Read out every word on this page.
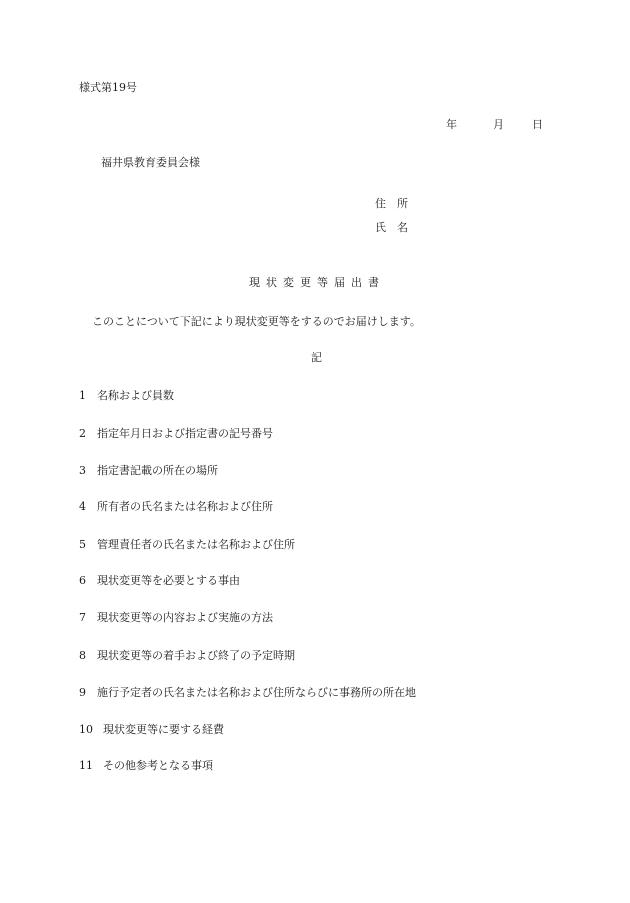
様式第19号
年	月	日
福井県教育委員会様
住　所
氏　名
現状変更等届出書
このことについて下記により現状変更等をするのでお届けします。
記
1 名称および員数
2 指定年月日および指定書の記号番号
3 指定書記載の所在の場所
4 所有者の氏名または名称および住所
5 管理責任者の氏名または名称および住所
6 現状変更等を必要とする事由
7 現状変更等の内容および実施の方法
8 現状変更等の着手および終了の予定時期
9 施行予定者の氏名または名称および住所ならびに事務所の所在地
10 現状変更等に要する経費
11 その他参考となる事項
